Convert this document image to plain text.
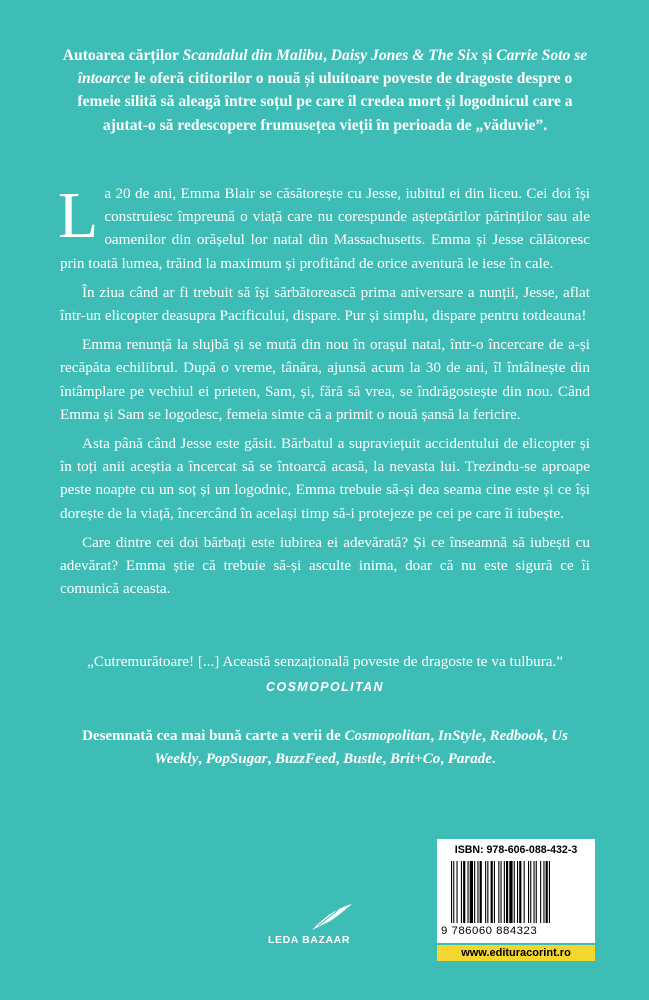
Autoarea cărților Scandalul din Malibu, Daisy Jones & The Six și Carrie Soto se întoarce le oferă cititorilor o nouă și uluitoare poveste de dragoste despre o femeie silită să aleagă între soțul pe care îl credea mort și logodnicul care a ajutat-o să redescopere frumusețea vieții în perioada de „văduvie”.

La 20 de ani, Emma Blair se căsătorește cu Jesse, iubitul ei din liceu. Cei doi își construiesc împreună o viață care nu corespunde așteptărilor părinților sau ale oamenilor din orășelul lor natal din Massachusetts. Emma și Jesse călătoresc prin toată lumea, trăind la maximum și profitând de orice aventură le iese în cale.

În ziua când ar fi trebuit să își sărbătorească prima aniversare a nunții, Jesse, aflat într-un elicopter deasupra Pacificului, dispare. Pur și simplu, dispare pentru totdeauna!

Emma renunță la slujbă și se mută din nou în orașul natal, într-o încercare de a-și recăpăta echilibrul. După o vreme, tânăra, ajunsă acum la 30 de ani, îl întâlnește din întâmplare pe vechiul ei prieten, Sam, și, fără să vrea, se îndrăgostește din nou. Când Emma și Sam se logodesc, femeia simte că a primit o nouă șansă la fericire.

Asta până când Jesse este găsit. Bărbatul a supraviețuit accidentului de elicopter și în toți anii aceștia a încercat să se întoarcă acasă, la nevasta lui. Trezindu-se aproape peste noapte cu un soț și un logodnic, Emma trebuie să-și dea seama cine este și ce își dorește de la viață, încercând în același timp să-i protejeze pe cei pe care îi iubește.

Care dintre cei doi bărbați este iubirea ei adevărată? Și ce înseamnă să iubești cu adevărat? Emma știe că trebuie să-și asculte inima, doar că nu este sigură ce îi comunică aceasta.

„Cutremurătoare! [...] Această senzațională poveste de dragoste te va tulbura.”
COSMOPOLITAN
Desemnată cea mai bună carte a verii de Cosmopolitan, InStyle, Redbook, Us Weekly, PopSugar, BuzzFeed, Bustle, Brit+Co, Parade.
LEDA BAZAAR
ISBN: 978-606-088-432-3
9 786060 884323
www.edituracorint.ro
